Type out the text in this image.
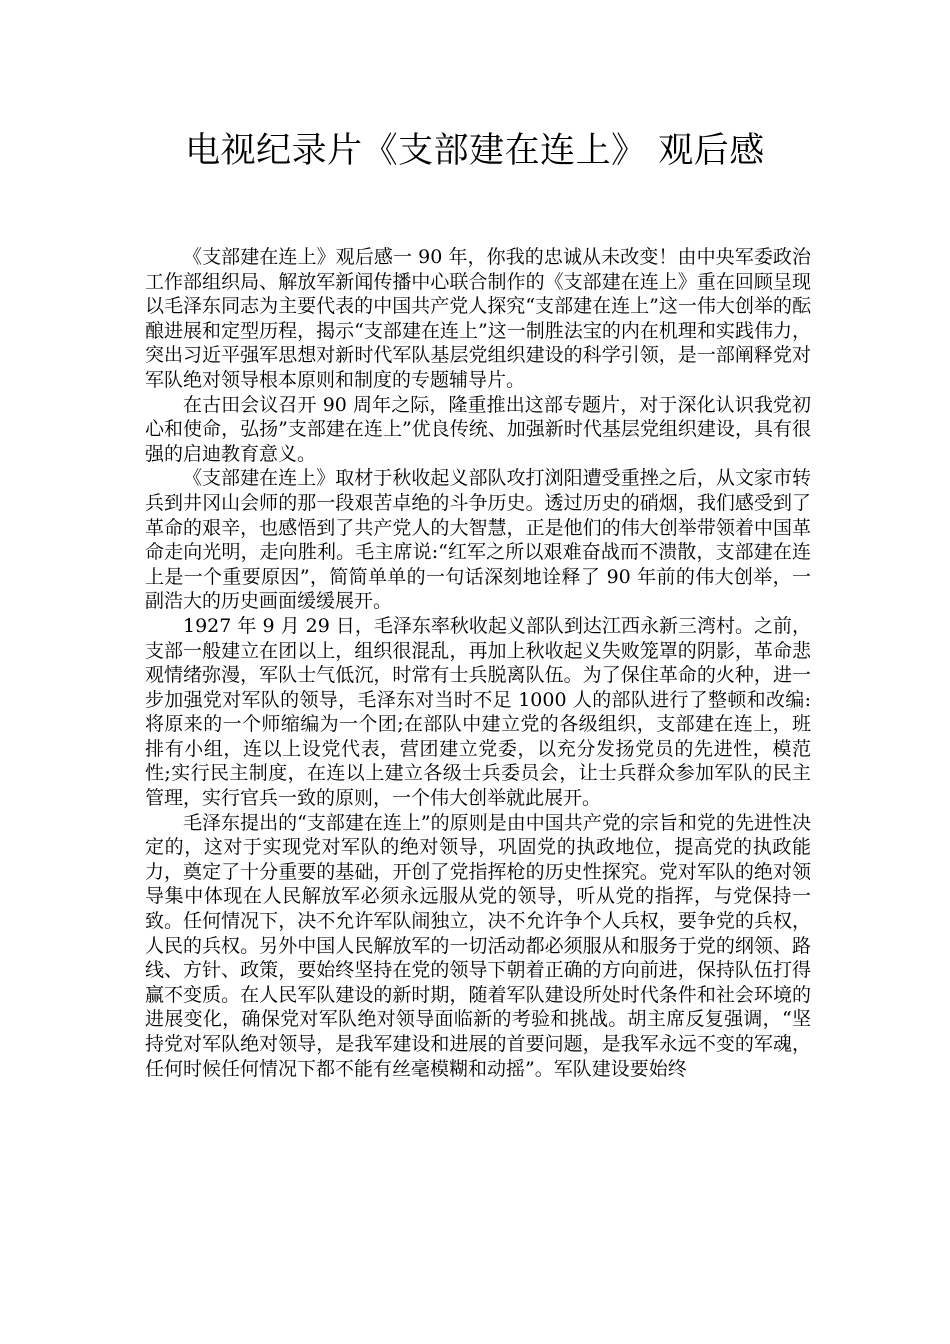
电视纪录片《支部建在连上》 观后感

《支部建在连上》观后感一 90 年，你我的忠诚从未改变！由中央军委政治工作部组织局、解放军新闻传播中心联合制作的《支部建在连上》重在回顾呈现以毛泽东同志为主要代表的中国共产党人探究“支部建在连上”这一伟大创举的酝酿进展和定型历程，揭示“支部建在连上”这一制胜法宝的内在机理和实践伟力，突出习近平强军思想对新时代军队基层党组织建设的科学引领，是一部阐释党对军队绝对领导根本原则和制度的专题辅导片。

在古田会议召开 90 周年之际，隆重推出这部专题片，对于深化认识我党初心和使命，弘扬”支部建在连上”优良传统、加强新时代基层党组织建设，具有很强的启迪教育意义。

《支部建在连上》取材于秋收起义部队攻打浏阳遭受重挫之后，从文家市转兵到井冈山会师的那一段艰苦卓绝的斗争历史。透过历史的硝烟，我们感受到了革命的艰辛，也感悟到了共产党人的大智慧，正是他们的伟大创举带领着中国革命走向光明，走向胜利。毛主席说:“红军之所以艰难奋战而不溃散，支部建在连上是一个重要原因”，简简单单的一句话深刻地诠释了 90 年前的伟大创举，一副浩大的历史画面缓缓展开。

1927 年 9 月 29 日，毛泽东率秋收起义部队到达江西永新三湾村。之前，支部一般建立在团以上，组织很混乱，再加上秋收起义失败笼罩的阴影，革命悲观情绪弥漫，军队士气低沉，时常有士兵脱离队伍。为了保住革命的火种，进一步加强党对军队的领导，毛泽东对当时不足 1000 人的部队进行了整顿和改编:将原来的一个师缩编为一个团;在部队中建立党的各级组织，支部建在连上，班排有小组，连以上设党代表，营团建立党委，以充分发扬党员的先进性，模范性;实行民主制度，在连以上建立各级士兵委员会，让士兵群众参加军队的民主管理，实行官兵一致的原则，一个伟大创举就此展开。

毛泽东提出的“支部建在连上”的原则是由中国共产党的宗旨和党的先进性决定的，这对于实现党对军队的绝对领导，巩固党的执政地位，提高党的执政能力，奠定了十分重要的基础，开创了党指挥枪的历史性探究。党对军队的绝对领导集中体现在人民解放军必须永远服从党的领导，听从党的指挥，与党保持一致。任何情况下，决不允许军队闹独立，决不允许争个人兵权，要争党的兵权，人民的兵权。另外中国人民解放军的一切活动都必须服从和服务于党的纲领、路线、方针、政策，要始终坚持在党的领导下朝着正确的方向前进，保持队伍打得赢不变质。在人民军队建设的新时期，随着军队建设所处时代条件和社会环境的进展变化，确保党对军队绝对领导面临新的考验和挑战。胡主席反复强调，“坚持党对军队绝对领导，是我军建设和进展的首要问题，是我军永远不变的军魂，任何时候任何情况下都不能有丝毫模糊和动摇”。军队建设要始终
